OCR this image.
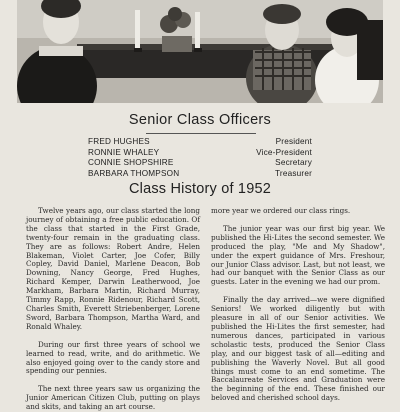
Senior Class Officers
FRED HUGHES	President
RONNIE WHALEY	Vice-President
CONNIE SHOPSHIRE	Secretary
BARBARA THOMPSON	Treasurer
Class History of 1952

Twelve years ago, our class started the long journey of obtaining a free public education. Of the class that started in the First Grade, twenty-four remain in the graduating class. They are as follows: Robert Andre, Helen Blakeman, Violet Carter, Joe Cofer, Billy Copley, David Daniel, Marlene Deacon, Bob Downing, Nancy George, Fred Hughes, Richard Kemper, Darwin Leatherwood, Joe Markham, Barbara Martin, Richard Murray, Timmy Rapp, Ronnie Ridenour, Richard Scott, Charles Smith, Everett Striebenberger, Lorene Sword, Barbara Thompson, Martha Ward, and Ronald Whaley.

During our first three years of school we learned to read, write, and do arithmetic. We also enjoyed going over to the candy store and spending our pennies.

The next three years saw us organizing the Junior American Citizen Club, putting on plays and skits, and taking an art course.

more year we ordered our class rings.

The junior year was our first big year. We published the Hi-Lites the second semester. We produced the play, "Me and My Shadow", under the expert guidance of Mrs. Freshour, our Junior Class advisor. Last, but not least, we had our banquet with the Senior Class as our guests. Later in the evening we had our prom.

Finally the day arrived—we were dignified Seniors! We worked diligently but with pleasure in all of our Senior activities. We published the Hi-Lites the first semester, had numerous dances, participated in various scholastic tests, produced the Senior Class play, and our biggest task of all—editing and publishing the Waverly Novel. But all good things must come to an end sometime. The Baccalaureate Services and Graduation were the beginning of the end. These finished our beloved and cherished school days.
